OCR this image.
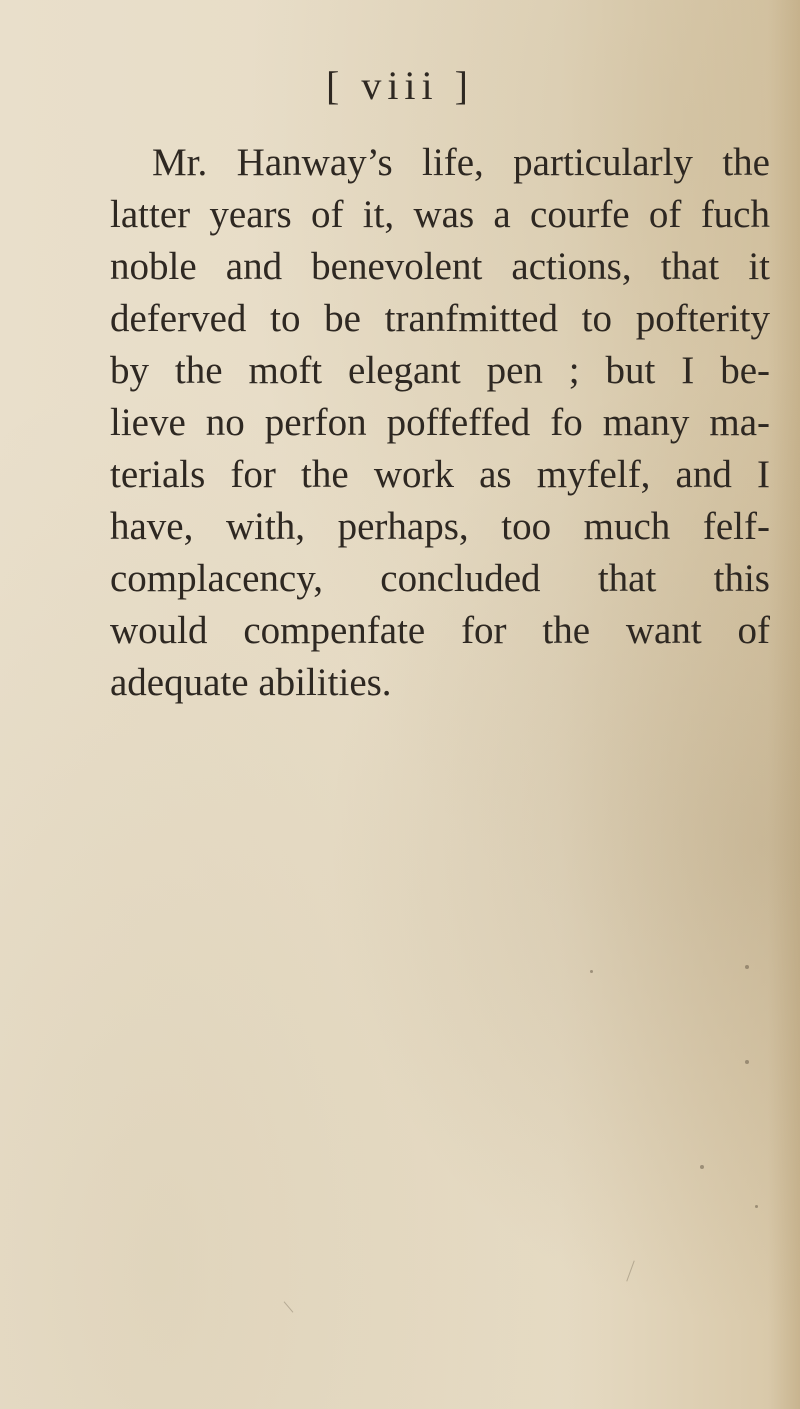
[ viii ]
Mr. Hanway’s life, particularly the
latter years of it, was a courfe of fuch
noble and benevolent actions, that it
deferved to be tranfmitted to pofterity
by the moft elegant pen ; but I be-
lieve no perfon poffeffed fo many ma-
terials for the work as myfelf, and I
have, with, perhaps, too much felf-
complacency, concluded that this
would compenfate for the want of
adequate abilities.
